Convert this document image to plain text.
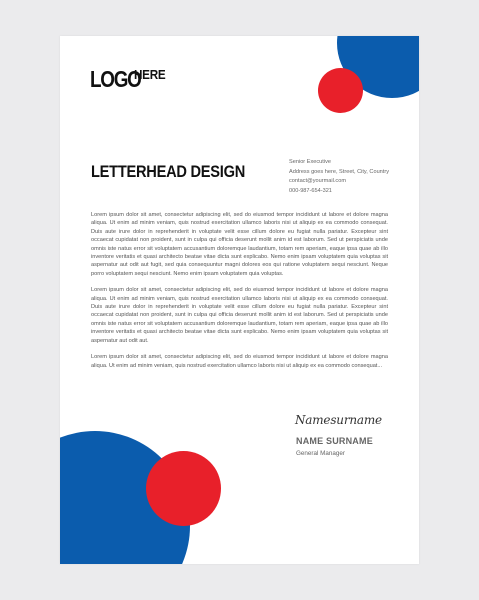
LOGO
HERE
LETTERHEAD DESIGN	Senior Executive
Address goes here, Street, City, Country
contact@yourmail.com
000-987-654-321

Lorem ipsum dolor sit amet, consectetur adipiscing elit, sed do eiusmod tempor incididunt ut labore et dolore magna aliqua. Ut enim ad minim veniam, quis nostrud exercitation ullamco laboris nisi ut aliquip ex ea commodo consequat. Duis aute irure dolor in reprehenderit in voluptate velit esse cillum dolore eu fugiat nulla pariatur. Excepteur sint occaecat cupidatat non proident, sunt in culpa qui officia deserunt mollit anim id est laborum. Sed ut perspiciatis unde omnis iste natus error sit voluptatem accusantium doloremque laudantium, totam rem aperiam, eaque ipsa quae ab illo inventore veritatis et quasi architecto beatae vitae dicta sunt explicabo. Nemo enim ipsam voluptatem quia voluptas sit aspernatur aut odit aut fugit, sed quia consequuntur magni dolores eos qui ratione voluptatem sequi nesciunt. Neque porro voluptatem sequi nesciunt. Nemo enim ipsam voluptatem quia voluptas.

Lorem ipsum dolor sit amet, consectetur adipiscing elit, sed do eiusmod tempor incididunt ut labore et dolore magna aliqua. Ut enim ad minim veniam, quis nostrud exercitation ullamco laboris nisi ut aliquip ex ea commodo consequat. Duis aute irure dolor in reprehenderit in voluptate velit esse cillum dolore eu fugiat nulla pariatur. Excepteur sint occaecat cupidatat non proident, sunt in culpa qui officia deserunt mollit anim id est laborum. Sed ut perspiciatis unde omnis iste natus error sit voluptatem accusantium doloremque laudantium, totam rem aperiam, eaque ipsa quae ab illo inventore veritatis et quasi architecto beatae vitae dicta sunt explicabo. Nemo enim ipsam voluptatem quia voluptas sit aspernatur aut odit aut.

Lorem ipsum dolor sit amet, consectetur adipiscing elit, sed do eiusmod tempor incididunt ut labore et dolore magna aliqua. Ut enim ad minim veniam, quis nostrud exercitation ullamco laboris nisi ut aliquip ex ea commodo consequat...

Namesurname
NAME SURNAME
General Manager
